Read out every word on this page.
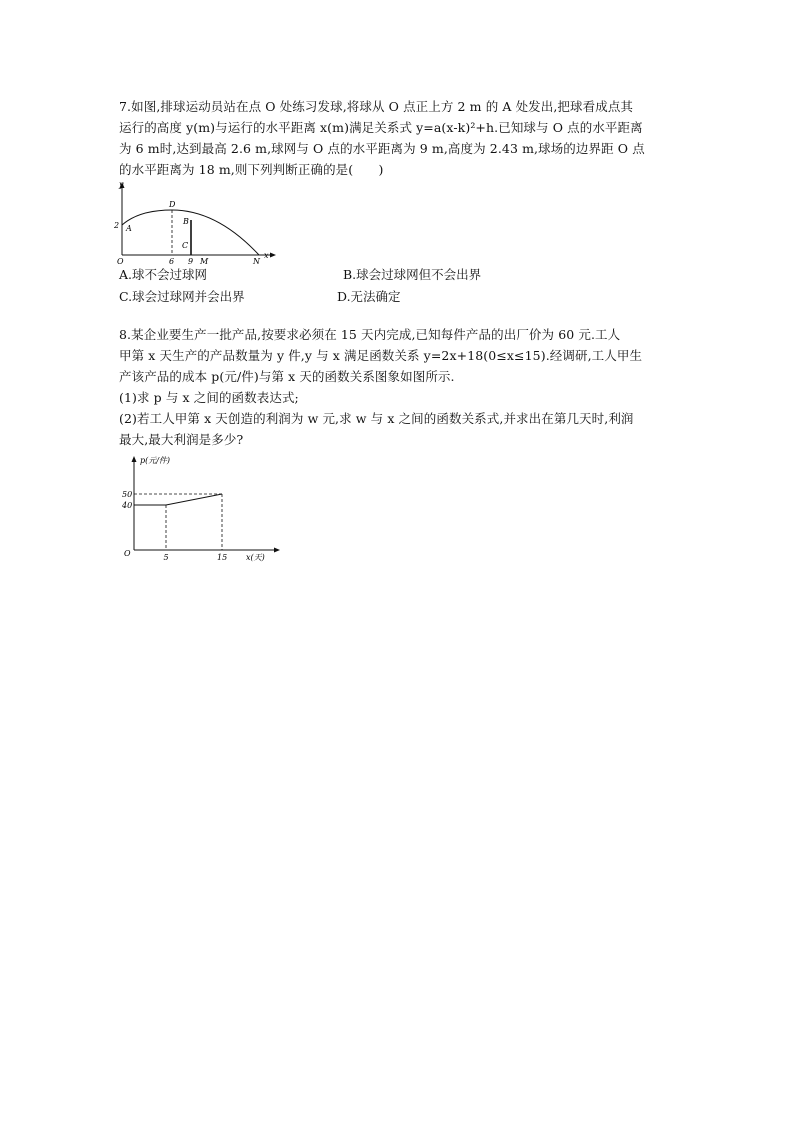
7.如图,排球运动员站在点 O 处练习发球,将球从 O 点正上方 2 m 的 A 处发出,把球看成点其
运行的高度 y(m)与运行的水平距离 x(m)满足关系式 y=a(x-k)²+h.已知球与 O 点的水平距离
为 6 m时,达到最高 2.6 m,球网与 O 点的水平距离为 9 m,高度为 2.43 m,球场的边界距 O 点
的水平距离为 18 m,则下列判断正确的是(　　)
y
x
O
2 A
D
B
C
6 9 M	N
A.球不会过球网	B.球会过球网但不会出界
C.球会过球网并会出界	D.无法确定
8.某企业要生产一批产品,按要求必须在 15 天内完成,已知每件产品的出厂价为 60 元.工人
甲第 x 天生产的产品数量为 y 件,y 与 x 满足函数关系 y=2x+18(0≤x≤15).经调研,工人甲生
产该产品的成本 p(元/件)与第 x 天的函数关系图象如图所示.
(1)求 p 与 x 之间的函数表达式;
(2)若工人甲第 x 天创造的利润为 w 元,求 w 与 x 之间的函数关系式,并求出在第几天时,利润
最大,最大利润是多少?
p(元/件)
x(天)
O	5	15
40
50
